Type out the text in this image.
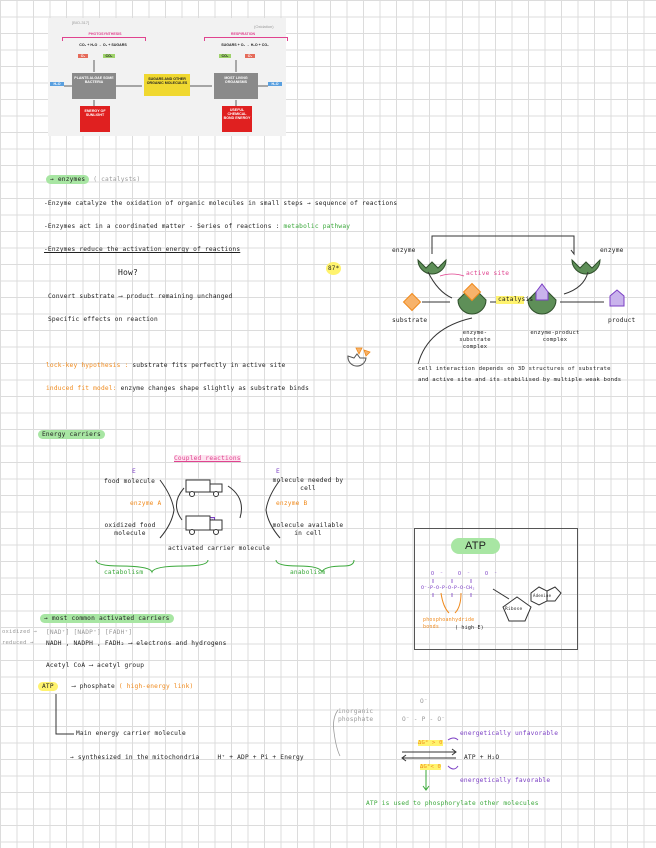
[BIO-317]
PHOTOSYNTHESIS
CO₂ + H₂O → O₂ + SUGARS
RESPIRATION
(Oxidation)
SUGARS + O₂ → H₂O + CO₂
O₂	CO₂	CO₂	O₂
H₂O
PLANTS ALGAE SOME BACTERIA
SUGARS AND OTHER ORGANIC MOLECULES
MOST LIVING ORGANISMS	H₂O
ENERGY OF SUNLIGHT
USEFUL CHEMICAL BOND ENERGY
→ enzymes ( catalysts)
-Enzyme catalyze the oxidation of organic molecules in small steps → sequence of reactions
-Enzymes act in a coordinated matter - Series of reactions : metabolic pathway
-Enzymes reduce the activation energy of reactions
How?	87*
Convert substrate ⟶ product remaining unchanged
Specific effects on reaction
lock-key hypothesis : substrate fits perfectly in active site
induced fit model: enzyme changes shape slightly as substrate binds
enzyme	enzyme
active site
catalysis
substrate
enzyme-substrate complex
enzyme-product complex
product
cell interaction depends on 3D structures of substrate
and active site and its stabilised by multiple weak bonds
Energy carriers
Coupled reactions
E	E
food molecule	molecule needed by cell
enzyme A	enzyme B
oxidized food molecule
molecule available in cell
activated carrier molecule
catabolism	anabolism
ATP
O⁻ O⁻ O⁻
O⁻-P-O-P-O-P-O-CH₂
phosphoanhydride bonds	( high E)
Ribose
Adenine
→ most common activated carriers
oxidized → [NAD⁺] [NADP⁺] [FADH⁺]
reduced → NADH , NADPH , FADH₂ ⟶ electrons and hydrogens
Acetyl CoA ⟶ acetyl group
ATP	⟶ phosphate ( high-energy link)
Main energy carrier molecule
→ synthesized in the mitochondria	H⁺ + ADP + Pi + Energy
inorganic phosphate
O⁻
O⁻ - P - O⁻
ΔG° > 0
ATP + H₂O
ΔG°< 0
energetically unfavorable
energetically favorable
ATP is used to phosphorylate other molecules
